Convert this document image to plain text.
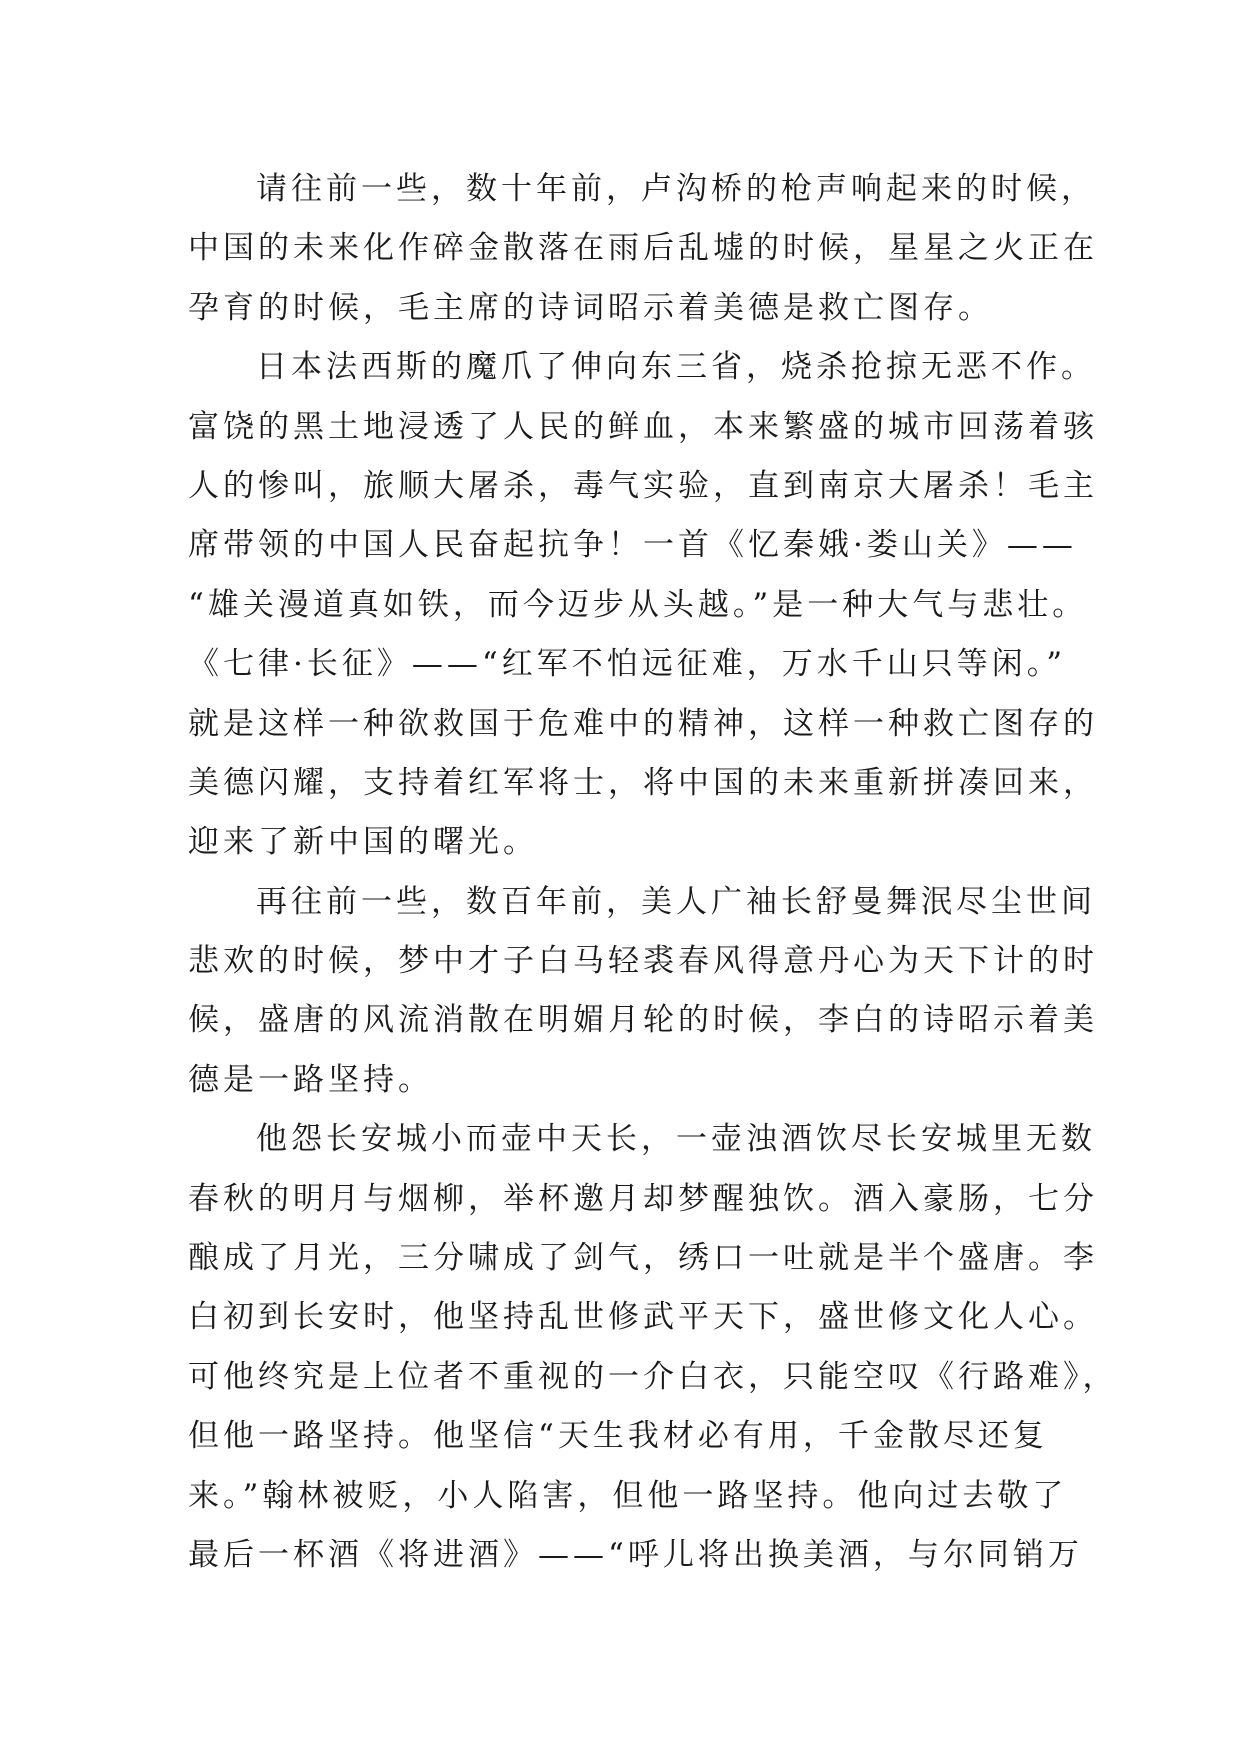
请往前一些，数十年前，卢沟桥的枪声响起来的时候，
中国的未来化作碎金散落在雨后乱墟的时候，星星之火正在
孕育的时候，毛主席的诗词昭示着美德是救亡图存。
日本法西斯的魔爪了伸向东三省，烧杀抢掠无恶不作。
富饶的黑土地浸透了人民的鲜血，本来繁盛的城市回荡着骇
人的惨叫，旅顺大屠杀，毒气实验，直到南京大屠杀！毛主
席带领的中国人民奋起抗争！一首《忆秦娥·娄山关》——
“雄关漫道真如铁，而今迈步从头越。”是一种大气与悲壮。
《七律·长征》——“红军不怕远征难，万水千山只等闲。”
就是这样一种欲救国于危难中的精神，这样一种救亡图存的
美德闪耀，支持着红军将士，将中国的未来重新拼凑回来，
迎来了新中国的曙光。
再往前一些，数百年前，美人广袖长舒曼舞泯尽尘世间
悲欢的时候，梦中才子白马轻裘春风得意丹心为天下计的时
候，盛唐的风流消散在明媚月轮的时候，李白的诗昭示着美
德是一路坚持。
他怨长安城小而壶中天长，一壶浊酒饮尽长安城里无数
春秋的明月与烟柳，举杯邀月却梦醒独饮。酒入豪肠，七分
酿成了月光，三分啸成了剑气，绣口一吐就是半个盛唐。李
白初到长安时，他坚持乱世修武平天下，盛世修文化人心。
可他终究是上位者不重视的一介白衣，只能空叹《行路难》，
但他一路坚持。他坚信“天生我材必有用，千金散尽还复
来。”翰林被贬，小人陷害，但他一路坚持。他向过去敬了
最后一杯酒《将进酒》——“呼儿将出换美酒，与尔同销万
